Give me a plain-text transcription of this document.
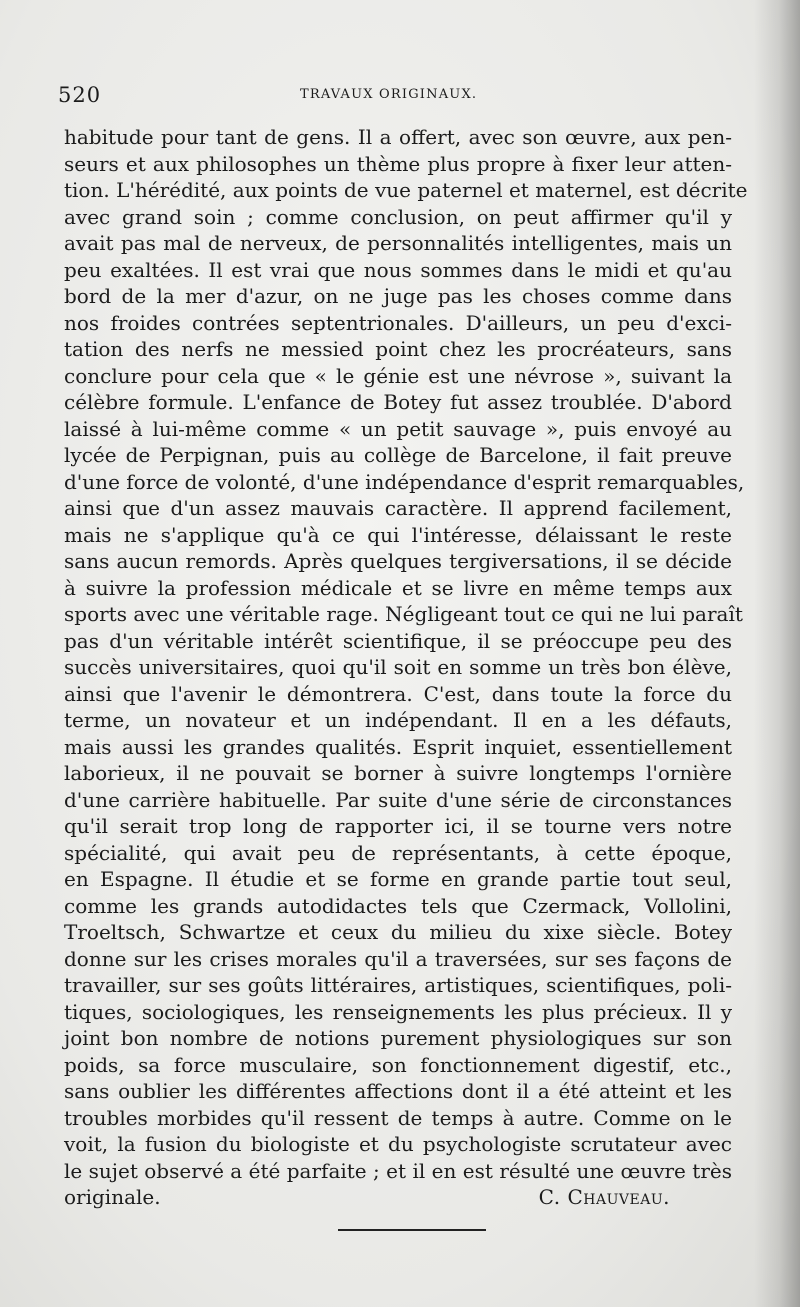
520	TRAVAUX ORIGINAUX.
habitude pour tant de gens. Il a offert, avec son œuvre, aux pen-
seurs et aux philosophes un thème plus propre à fixer leur atten-
tion. L'hérédité, aux points de vue paternel et maternel, est décrite
avec grand soin ; comme conclusion, on peut affirmer qu'il y
avait pas mal de nerveux, de personnalités intelligentes, mais un
peu exaltées. Il est vrai que nous sommes dans le midi et qu'au
bord de la mer d'azur, on ne juge pas les choses comme dans
nos froides contrées septentrionales. D'ailleurs, un peu d'exci-
tation des nerfs ne messied point chez les procréateurs, sans
conclure pour cela que « le génie est une névrose », suivant la
célèbre formule. L'enfance de Botey fut assez troublée. D'abord
laissé à lui-même comme « un petit sauvage », puis envoyé au
lycée de Perpignan, puis au collège de Barcelone, il fait preuve
d'une force de volonté, d'une indépendance d'esprit remarquables,
ainsi que d'un assez mauvais caractère. Il apprend facilement,
mais ne s'applique qu'à ce qui l'intéresse, délaissant le reste
sans aucun remords. Après quelques tergiversations, il se décide
à suivre la profession médicale et se livre en même temps aux
sports avec une véritable rage. Négligeant tout ce qui ne lui paraît
pas d'un véritable intérêt scientifique, il se préoccupe peu des
succès universitaires, quoi qu'il soit en somme un très bon élève,
ainsi que l'avenir le démontrera. C'est, dans toute la force du
terme, un novateur et un indépendant. Il en a les défauts,
mais aussi les grandes qualités. Esprit inquiet, essentiellement
laborieux, il ne pouvait se borner à suivre longtemps l'ornière
d'une carrière habituelle. Par suite d'une série de circonstances
qu'il serait trop long de rapporter ici, il se tourne vers notre
spécialité, qui avait peu de représentants, à cette époque,
en Espagne. Il étudie et se forme en grande partie tout seul,
comme les grands autodidactes tels que Czermack, Vollolini,
Troeltsch, Schwartze et ceux du milieu du xixe siècle. Botey
donne sur les crises morales qu'il a traversées, sur ses façons de
travailler, sur ses goûts littéraires, artistiques, scientifiques, poli-
tiques, sociologiques, les renseignements les plus précieux. Il y
joint bon nombre de notions purement physiologiques sur son
poids, sa force musculaire, son fonctionnement digestif, etc.,
sans oublier les différentes affections dont il a été atteint et les
troubles morbides qu'il ressent de temps à autre. Comme on le
voit, la fusion du biologiste et du psychologiste scrutateur avec
le sujet observé a été parfaite ; et il en est résulté une œuvre très
originale.	C. Chauveau.
